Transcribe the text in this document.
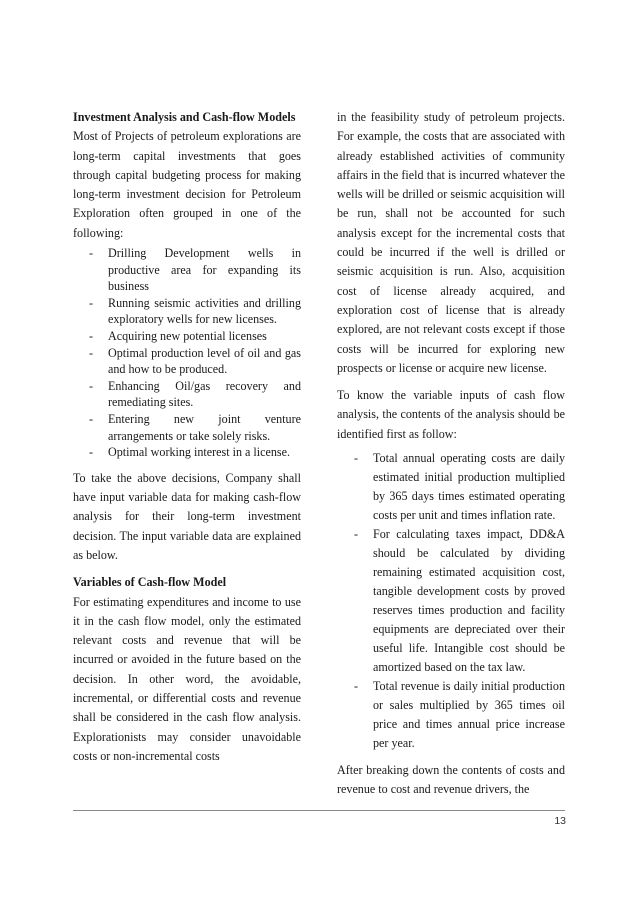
Investment Analysis and Cash-flow Models

Most of Projects of petroleum explorations are long-term capital investments that goes through capital budgeting process for making long-term investment decision for Petroleum Exploration often grouped in one of the following:

- Drilling Development wells in productive area for expanding its business
- Running seismic activities and drilling exploratory wells for new licenses.
- Acquiring new potential licenses
- Optimal production level of oil and gas and how to be produced.
- Enhancing Oil/gas recovery and remediating sites.
- Entering new joint venture arrangements or take solely risks.
- Optimal working interest in a license.

To take the above decisions, Company shall have input variable data for making cash-flow analysis for their long-term investment decision. The input variable data are explained as below.

Variables of Cash-flow Model

For estimating expenditures and income to use it in the cash flow model, only the estimated relevant costs and revenue that will be incurred or avoided in the future based on the decision. In other word, the avoidable, incremental, or differential costs and revenue shall be considered in the cash flow analysis. Explorationists may consider unavoidable costs or non-incremental costs

in the feasibility study of petroleum projects. For example, the costs that are associated with already established activities of community affairs in the field that is incurred whatever the wells will be drilled or seismic acquisition will be run, shall not be accounted for such analysis except for the incremental costs that could be incurred if the well is drilled or seismic acquisition is run. Also, acquisition cost of license already acquired, and exploration cost of license that is already explored, are not relevant costs except if those costs will be incurred for exploring new prospects or license or acquire new license.

To know the variable inputs of cash flow analysis, the contents of the analysis should be identified first as follow:

- Total annual operating costs are daily estimated initial production multiplied by 365 days times estimated operating costs per unit and times inflation rate.
- For calculating taxes impact, DD&A should be calculated by dividing remaining estimated acquisition cost, tangible development costs by proved reserves times production and facility equipments are depreciated over their useful life. Intangible cost should be amortized based on the tax law.
- Total revenue is daily initial production or sales multiplied by 365 times oil price and times annual price increase per year.

After breaking down the contents of costs and revenue to cost and revenue drivers, the

13
